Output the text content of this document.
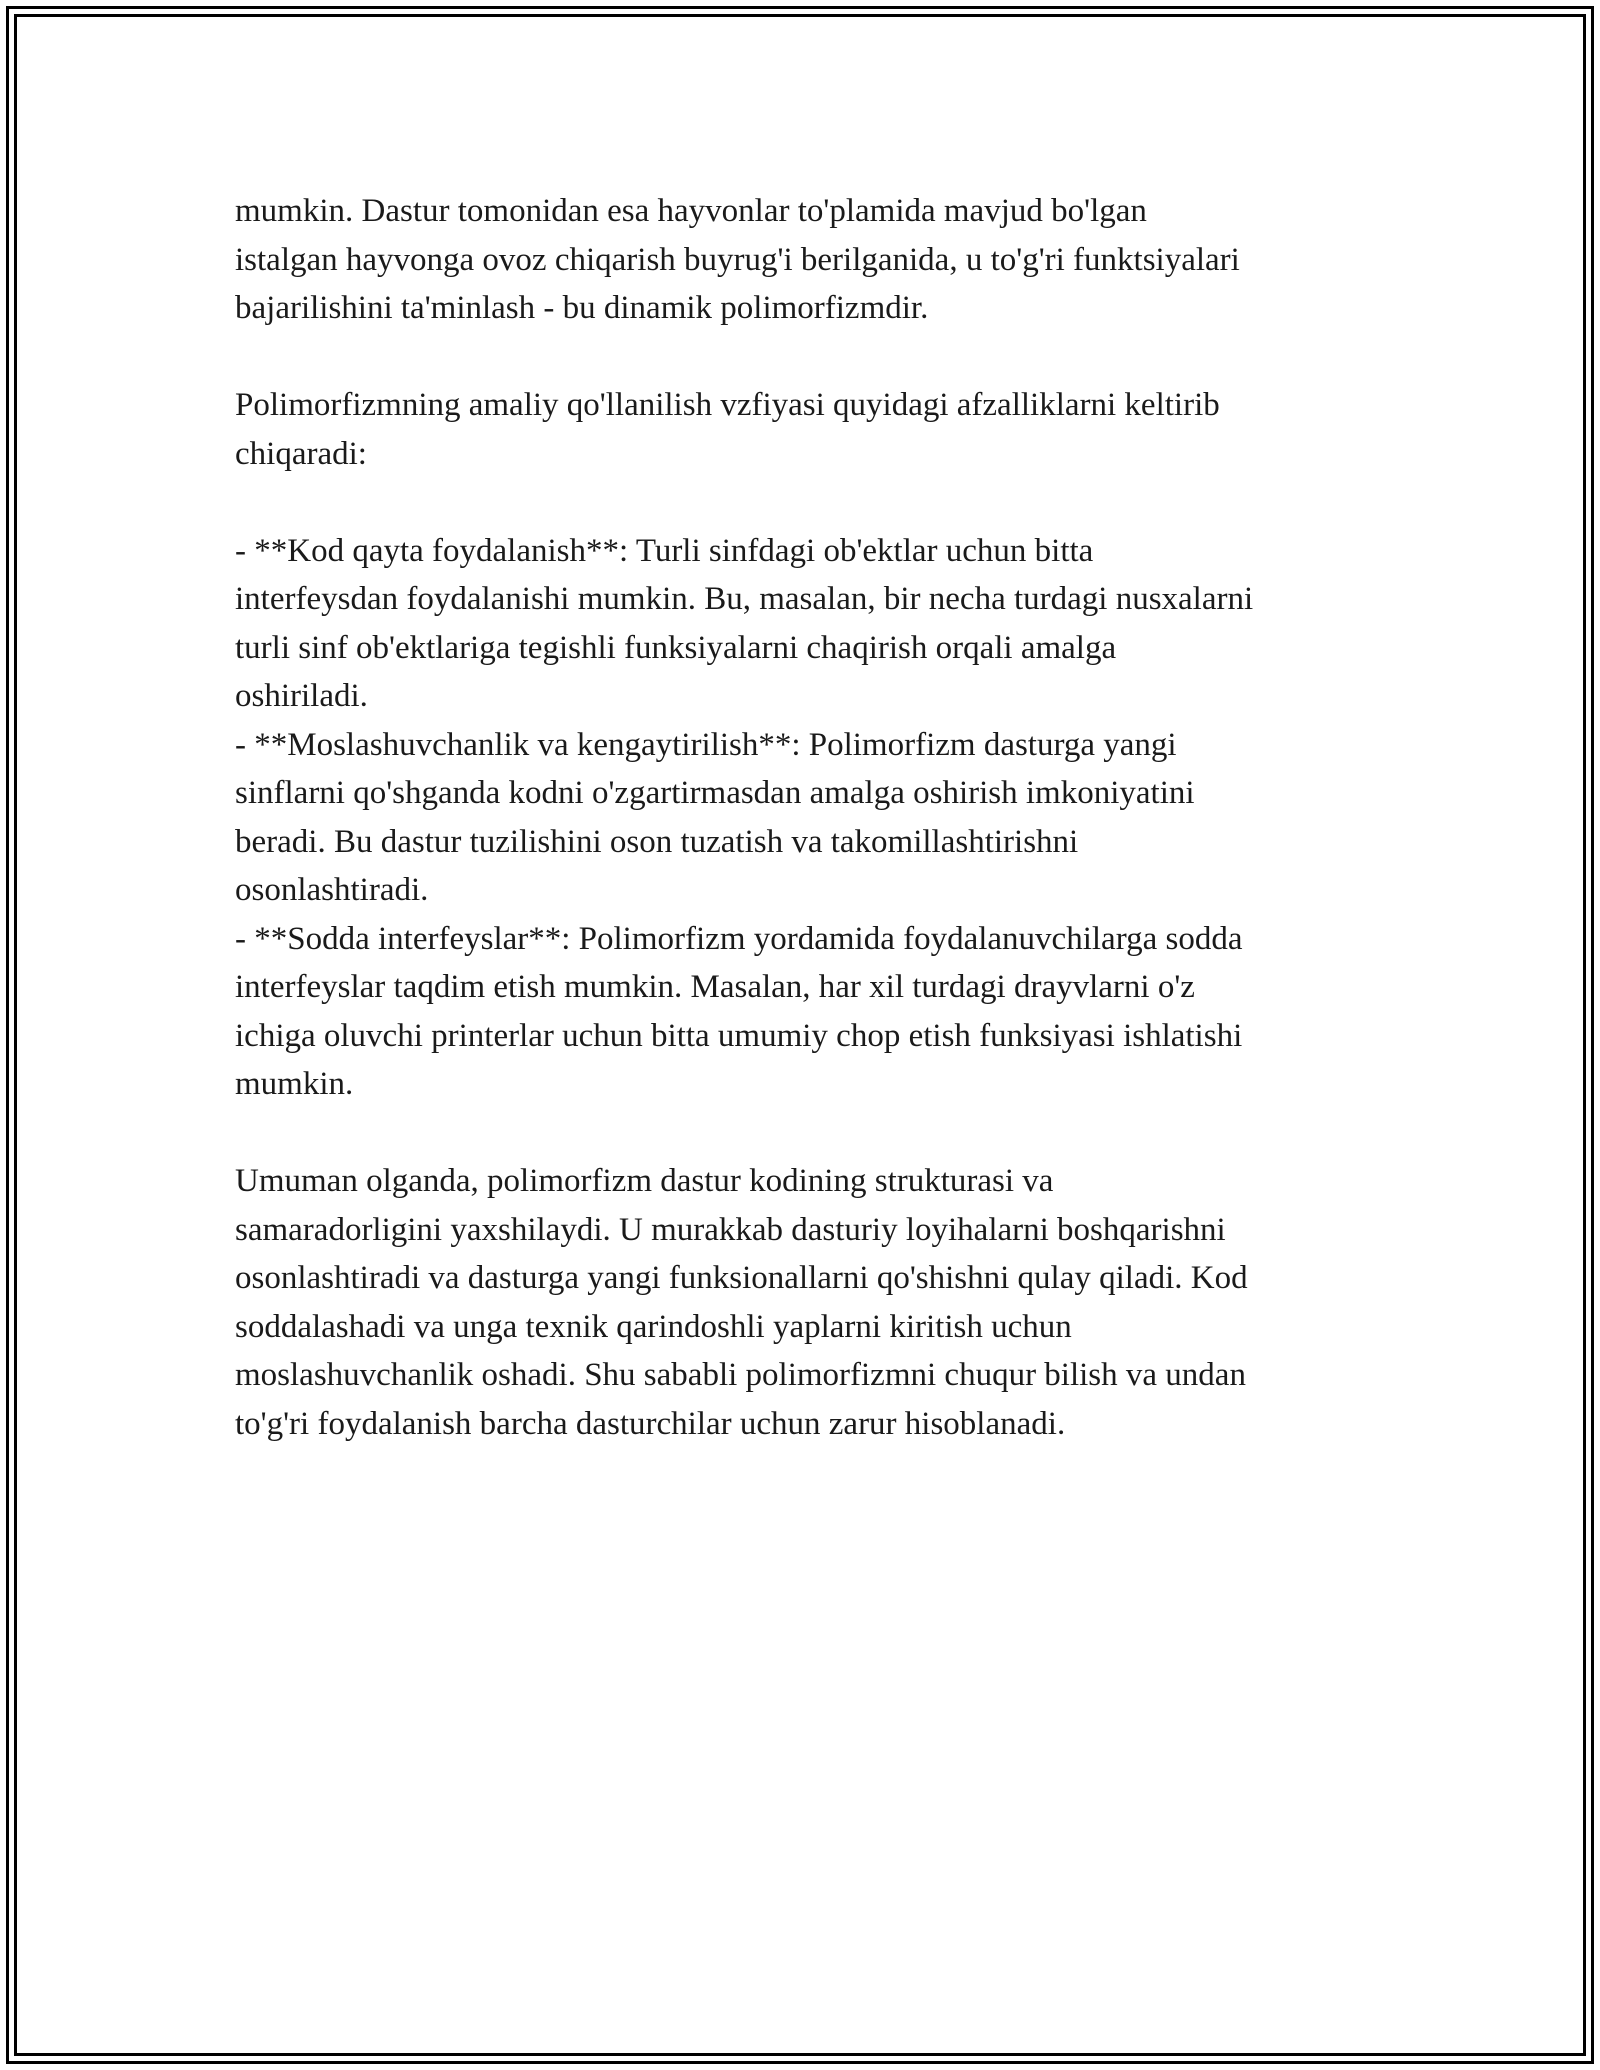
mumkin. Dastur tomonidan esa hayvonlar to'plamida mavjud bo'lgan
istalgan hayvonga ovoz chiqarish buyrug'i berilganida, u to'g'ri funktsiyalari
bajarilishini ta'minlash - bu dinamik polimorfizmdir.
Polimorfizmning amaliy qo'llanilish vzfiyasi quyidagi afzalliklarni keltirib
chiqaradi:
- **Kod qayta foydalanish**: Turli sinfdagi ob'ektlar uchun bitta
interfeysdan foydalanishi mumkin. Bu, masalan, bir necha turdagi nusxalarni
turli sinf ob'ektlariga tegishli funksiyalarni chaqirish orqali amalga
oshiriladi.
- **Moslashuvchanlik va kengaytirilish**: Polimorfizm dasturga yangi
sinflarni qo'shganda kodni o'zgartirmasdan amalga oshirish imkoniyatini
beradi. Bu dastur tuzilishini oson tuzatish va takomillashtirishni
osonlashtiradi.
- **Sodda interfeyslar**: Polimorfizm yordamida foydalanuvchilarga sodda
interfeyslar taqdim etish mumkin. Masalan, har xil turdagi drayvlarni o'z
ichiga oluvchi printerlar uchun bitta umumiy chop etish funksiyasi ishlatishi
mumkin.
Umuman olganda, polimorfizm dastur kodining strukturasi va
samaradorligini yaxshilaydi. U murakkab dasturiy loyihalarni boshqarishni
osonlashtiradi va dasturga yangi funksionallarni qo'shishni qulay qiladi. Kod
soddalashadi va unga texnik qarindoshli yaplarni kiritish uchun
moslashuvchanlik oshadi. Shu sababli polimorfizmni chuqur bilish va undan
to'g'ri foydalanish barcha dasturchilar uchun zarur hisoblanadi.
